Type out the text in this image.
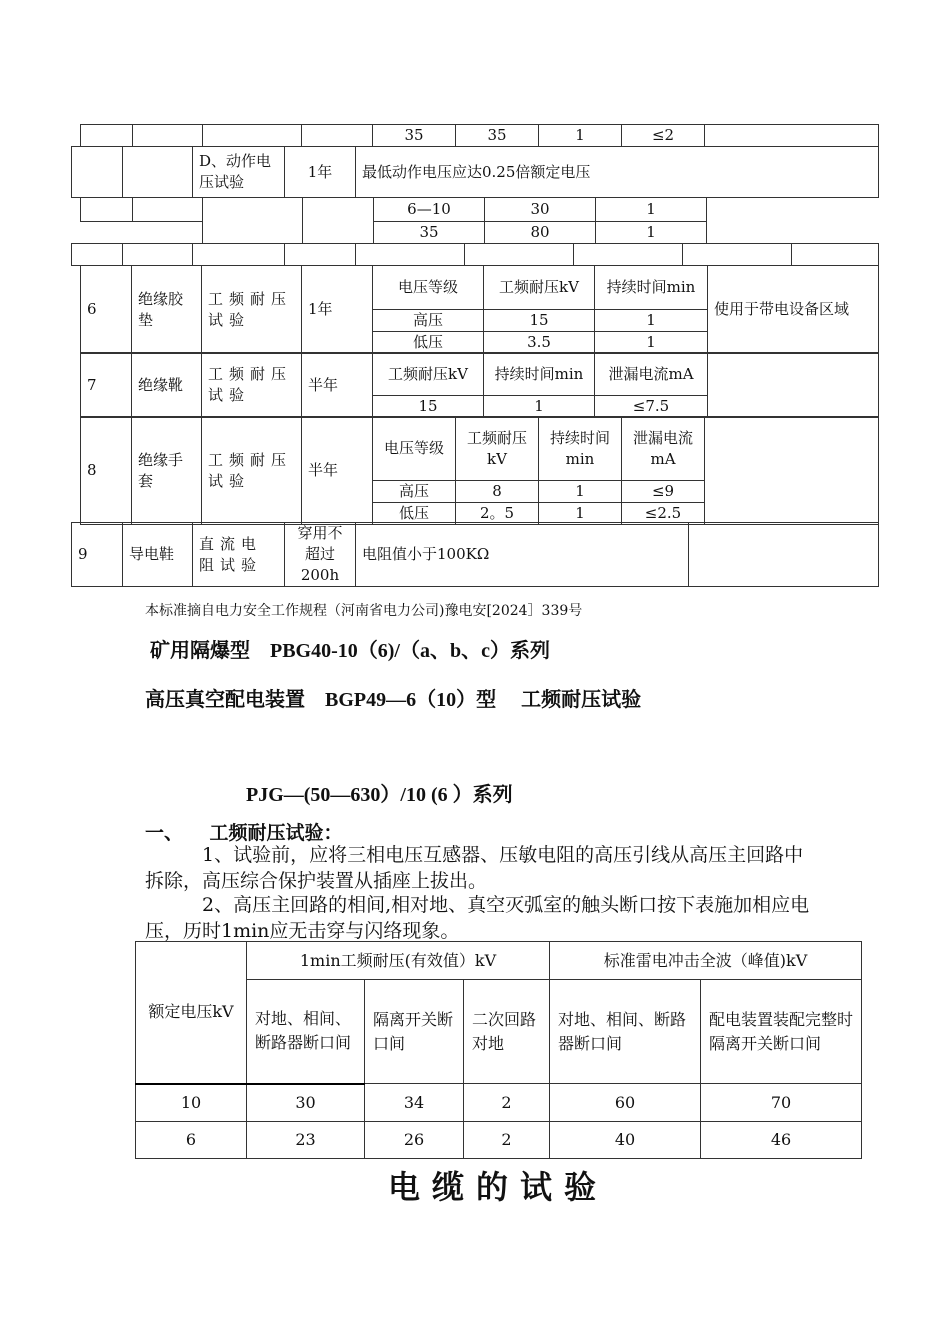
				35	35	1	≤2	
		D、动作电压试验	1年	最低动作电压应达0.25倍额定电压
				6—10	30	1
				35	80	1

6	绝缘胶垫	工频耐压试验	1年	电压等级	工频耐压kV	持续时间min	使用于带电设备区域
				高压	15	1	
				低压	3.5	1	
7	绝缘靴	工频耐压试验	半年	工频耐压kV	持续时间min	泄漏电流mA	
				15	1	≤7.5	
8	绝缘手套	工频耐压试验	半年	电压等级	工频耐压kV	持续时间min	泄漏电流mA	
				高压	8	1	≤9	
				低压	2。5	1	≤2.5	
9	导电鞋	直流电阻试验	穿用不超过200h	电阻值小于100KΩ	
本标准摘自电力安全工作规程（河南省电力公司)豫电安[2024］339号
矿用隔爆型　PBG40-10（6)/（a、b、c）系列
高压真空配电装置　BGP49—6（10）型　 工频耐压试验
PJG—(50—630）/10 (6 ）系列
一、 工频耐压试验：
1、试验前，应将三相电压互感器、压敏电阻的高压引线从高压主回路中拆除，高压综合保护装置从插座上拔出。
2、高压主回路的相间,相对地、真空灭弧室的触头断口按下表施加相应电压，历时1min应无击穿与闪络现象。
额定电压kV	1min工频耐压(有效值）kV			标准雷电冲击全波（峰值)kV	
	对地、相间、断路器断口间	隔离开关断口间	二次回路对地	对地、相间、断路器断口间	配电装置装配完整时隔离开关断口间
10	30	34	2	60	70
6	23	26	2	40	46
电缆的试验
